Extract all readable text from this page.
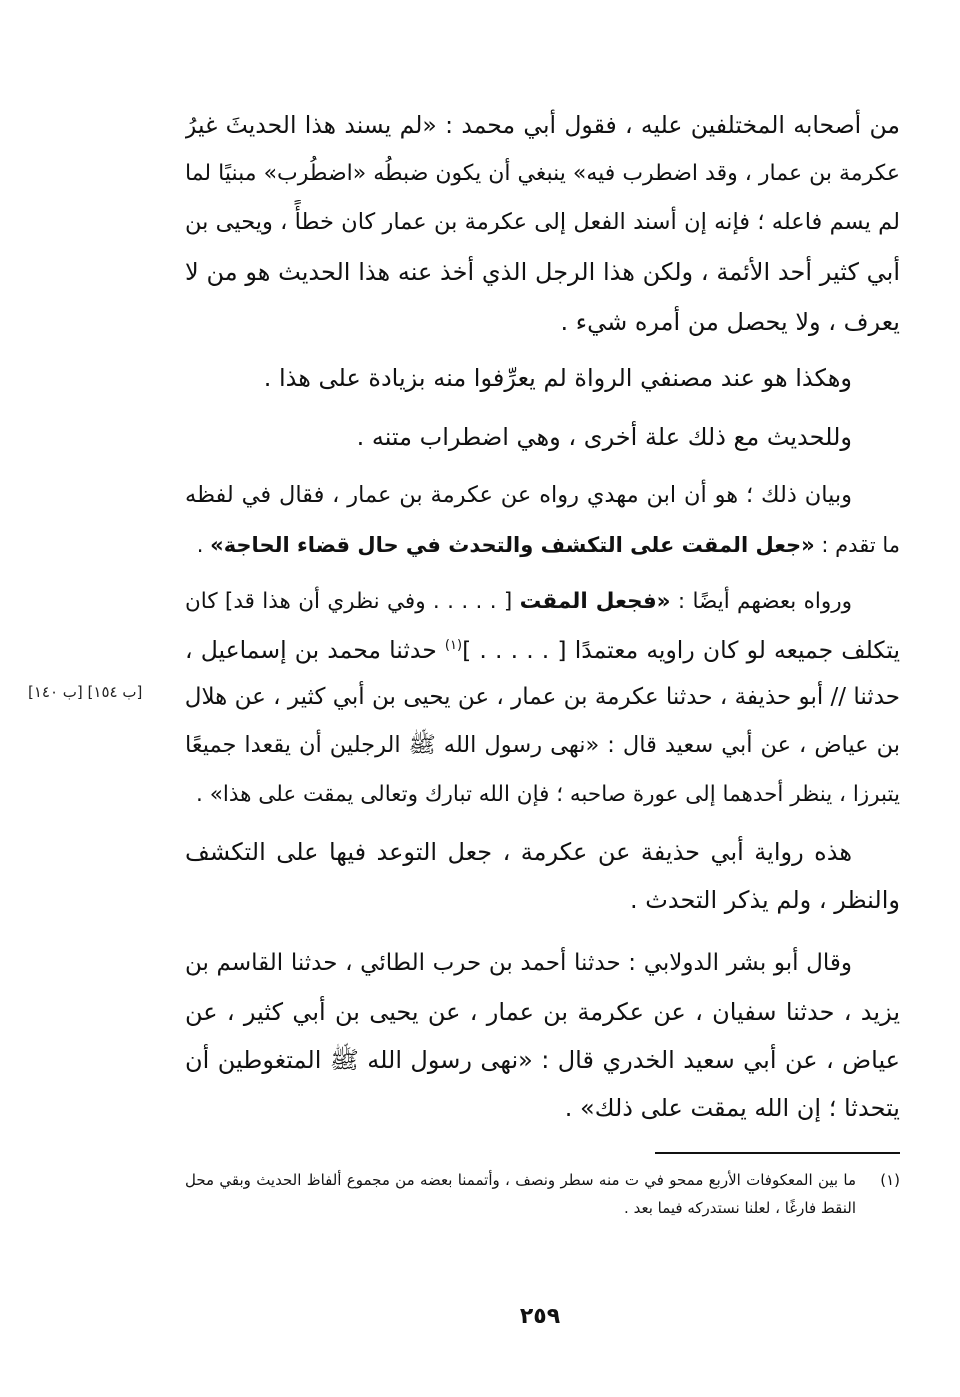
من أصحابه المختلفين عليه ، فقول أبي محمد : «لم يسند هذا الحديثَ غيرُ
عكرمة بن عمار ، وقد اضطرب فيه» ينبغي أن يكون ضبطُه «اضطُرب» مبنيًا لما
لم يسم فاعله ؛ فإنه إن أسند الفعل إلى عكرمة بن عمار كان خطأً ، ويحيى بن
أبي كثير أحد الأئمة ، ولكن هذا الرجل الذي أخذ عنه هذا الحديث هو من لا
يعرف ، ولا يحصل من أمره شيء .
وهكذا هو عند مصنفي الرواة لم يعرِّفوا منه بزيادة على هذا .
وللحديث مع ذلك علة أخرى ، وهي اضطراب متنه .
وبيان ذلك ؛ هو أن ابن مهدي رواه عن عكرمة بن عمار ، فقال في لفظه
ما تقدم : «جعل المقت على التكشف والتحدث في حال قضاء الحاجة» .
ورواه بعضهم أيضًا : «فجعل المقت [ . . . . . وفي نظري أن هذا قد] كان
يتكلف جميعه لو كان راويه معتمدًا [ . . . . . ]$^{(١)}$ حدثنا محمد بن إسماعيل ،
حدثنا // أبو حذيفة ، حدثنا عكرمة بن عمار ، عن يحيى بن أبي كثير ، عن هلال
بن عياض ، عن أبي سعيد قال : «نهى رسول الله ﷺ الرجلين أن يقعدا جميعًا
يتبرزا ، ينظر أحدهما إلى عورة صاحبه ؛ فإن الله تبارك وتعالى يمقت على هذا» .
[١٤٠ ب] [١٥٤ ب]
هذه رواية أبي حذيفة عن عكرمة ، جعل التوعد فيها على التكشف
والنظر ، ولم يذكر التحدث .
وقال أبو بشر الدولابي : حدثنا أحمد بن حرب الطائي ، حدثنا القاسم بن
يزيد ، حدثنا سفيان ، عن عكرمة بن عمار ، عن يحيى بن أبي كثير ، عن
عياض ، عن أبي سعيد الخدري قال : «نهى رسول الله ﷺ المتغوطين أن
يتحدثا ؛ إن الله يمقت على ذلك» .
(١)
ما بين المعكوفات الأربع ممحو في ت منه سطر ونصف ، وأتممنا بعضه من مجموع ألفاظ الحديث وبقي محل
النقط فارغًا ، لعلنا نستدركه فيما بعد .
٢٥٩
